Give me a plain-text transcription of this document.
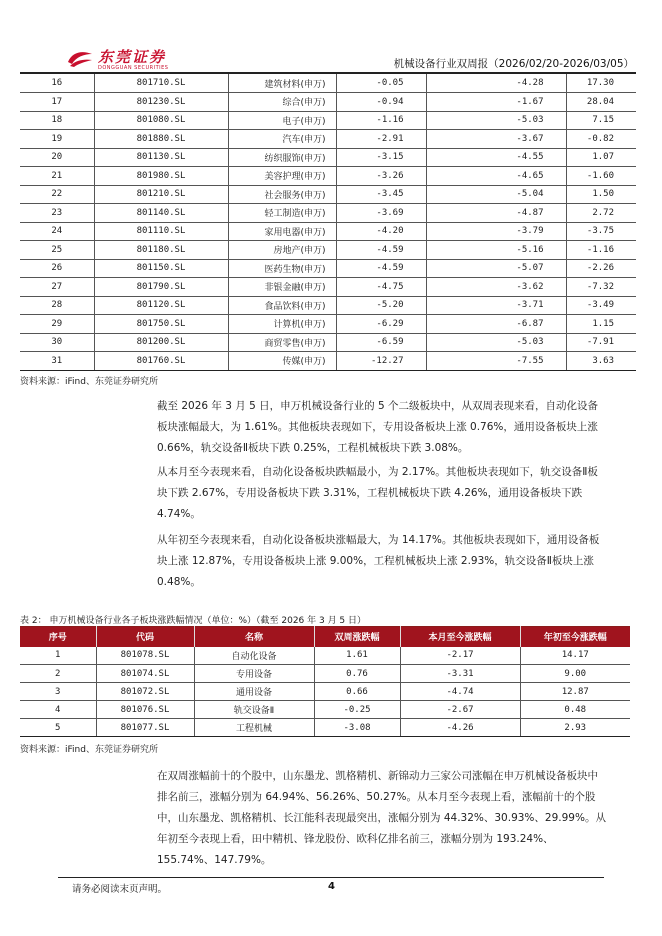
东莞证券
DONGGUAN SECURITIES	机械设备行业双周报（2026/02/20-2026/03/05）
16	801710.SL	建筑材料(申万)	-0.05	-4.28	17.30
17	801230.SL	综合(申万)	-0.94	-1.67	28.04
18	801080.SL	电子(申万)	-1.16	-5.03	7.15
19	801880.SL	汽车(申万)	-2.91	-3.67	-0.82
20	801130.SL	纺织服饰(申万)	-3.15	-4.55	1.07
21	801980.SL	美容护理(申万)	-3.26	-4.65	-1.60
22	801210.SL	社会服务(申万)	-3.45	-5.04	1.50
23	801140.SL	轻工制造(申万)	-3.69	-4.87	2.72
24	801110.SL	家用电器(申万)	-4.20	-3.79	-3.75
25	801180.SL	房地产(申万)	-4.59	-5.16	-1.16
26	801150.SL	医药生物(申万)	-4.59	-5.07	-2.26
27	801790.SL	非银金融(申万)	-4.75	-3.62	-7.32
28	801120.SL	食品饮料(申万)	-5.20	-3.71	-3.49
29	801750.SL	计算机(申万)	-6.29	-6.87	1.15
30	801200.SL	商贸零售(申万)	-6.59	-5.03	-7.91
31	801760.SL	传媒(申万)	-12.27	-7.55	3.63
资料来源：iFind、东莞证券研究所
截至 2026 年 3 月 5 日，申万机械设备行业的 5 个二级板块中，从双周表现来看，自动化设备板块涨幅最大，为 1.61%。其他板块表现如下，专用设备板块上涨 0.76%，通用设备板块上涨 0.66%，轨交设备Ⅱ板块下跌 0.25%，工程机械板块下跌 3.08%。
从本月至今表现来看，自动化设备板块跌幅最小，为 2.17%。其他板块表现如下，轨交设备Ⅱ板块下跌 2.67%，专用设备板块下跌 3.31%，工程机械板块下跌 4.26%，通用设备板块下跌 4.74%。
从年初至今表现来看，自动化设备板块涨幅最大，为 14.17%。其他板块表现如下，通用设备板块上涨 12.87%，专用设备板块上涨 9.00%，工程机械板块上涨 2.93%，轨交设备Ⅱ板块上涨 0.48%。
表 2： 申万机械设备行业各子板块涨跌幅情况（单位：%）（截至 2026 年 3 月 5 日）
序号	代码	名称	双周涨跌幅	本月至今涨跌幅	年初至今涨跌幅
1	801078.SL	自动化设备	1.61	-2.17	14.17
2	801074.SL	专用设备	0.76	-3.31	9.00
3	801072.SL	通用设备	0.66	-4.74	12.87
4	801076.SL	轨交设备Ⅱ	-0.25	-2.67	0.48
5	801077.SL	工程机械	-3.08	-4.26	2.93
资料来源：iFind、东莞证券研究所
在双周涨幅前十的个股中，山东墨龙、凯格精机、新锦动力三家公司涨幅在申万机械设备板块中排名前三，涨幅分别为 64.94%、56.26%、50.27%。从本月至今表现上看，涨幅前十的个股中，山东墨龙、凯格精机、长江能科表现最突出，涨幅分别为 44.32%、30.93%、29.99%。从年初至今表现上看，田中精机、锋龙股份、欧科亿排名前三，涨幅分别为 193.24%、155.74%、147.79%。
请务必阅读末页声明。	4
